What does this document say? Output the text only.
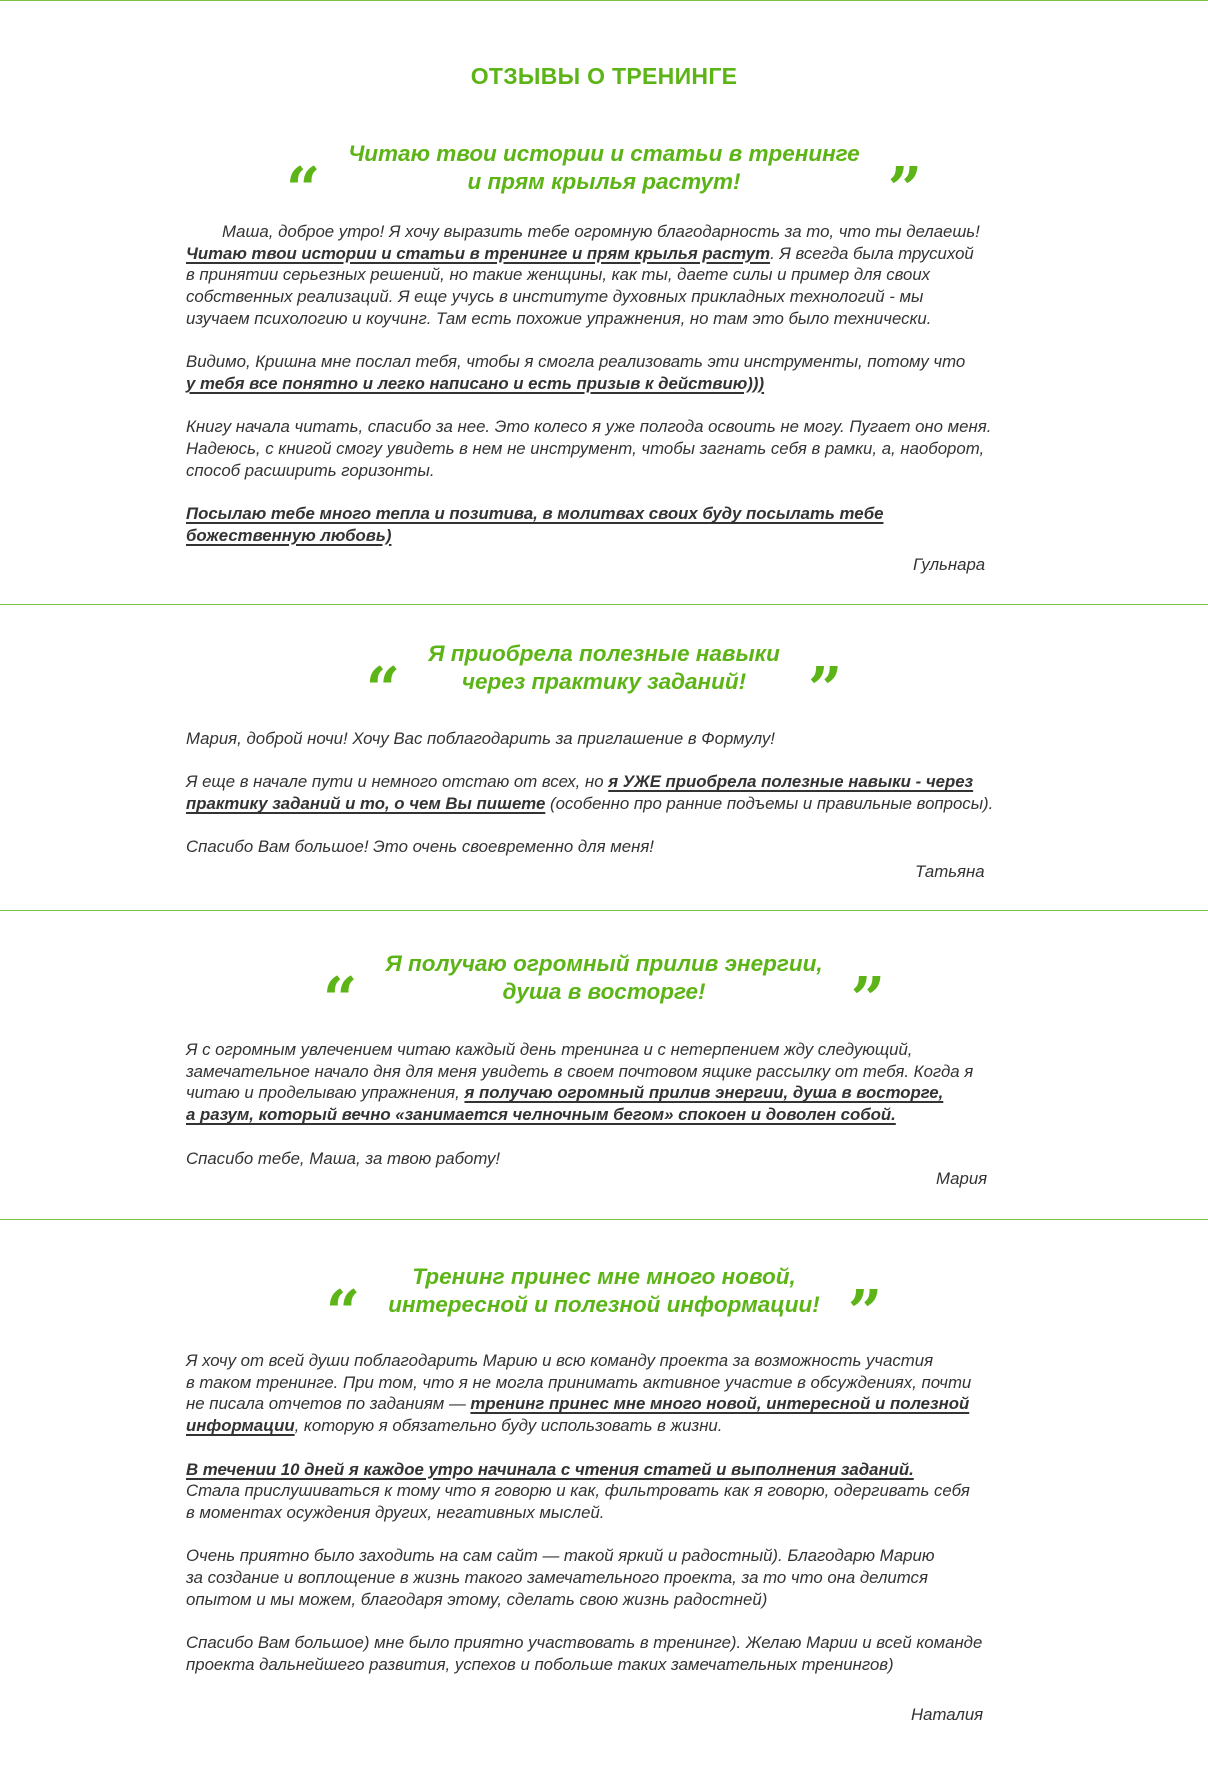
ОТЗЫВЫ О ТРЕНИНГЕ
“
Читаю твои истории и статьи в тренинге
и прям крылья растут!	”

Маша, доброе утро! Я хочу выразить тебе огромную благодарность за то, что ты делаешь!
Читаю твои истории и статьи в тренинге и прям крылья растут. Я всегда была трусихой
в принятии серьезных решений, но такие женщины, как ты, даете силы и пример для своих
собственных реализаций. Я еще учусь в институте духовных прикладных технологий - мы
изучаем психологию и коучинг. Там есть похожие упражнения, но там это было технически.

Видимо, Кришна мне послал тебя, чтобы я смогла реализовать эти инструменты, потому что
у тебя все понятно и легко написано и есть призыв к действию)))

Книгу начала читать, спасибо за нее. Это колесо я уже полгода освоить не могу. Пугает оно меня.
Надеюсь, с книгой смогу увидеть в нем не инструмент, чтобы загнать себя в рамки, а, наоборот,
способ расширить горизонты.

Посылаю тебе много тепла и позитива, в молитвах своих буду посылать тебе
божественную любовь)

Гульнара
“
Я приобрела полезные навыки
через практику заданий!	”

Мария, доброй ночи! Хочу Вас поблагодарить за приглашение в Формулу!

Я еще в начале пути и немного отстаю от всех, но я УЖЕ приобрела полезные навыки - через
практику заданий и то, о чем Вы пишете (особенно про ранние подъемы и правильные вопросы).

Спасибо Вам большое! Это очень своевременно для меня!

Татьяна
“
Я получаю огромный прилив энергии,
душа в восторге!	”

Я с огромным увлечением читаю каждый день тренинга и с нетерпением жду следующий,
замечательное начало дня для меня увидеть в своем почтовом ящике рассылку от тебя. Когда я
читаю и проделываю упражнения, я получаю огромный прилив энергии, душа в восторге,
а разум, который вечно «занимается челночным бегом» спокоен и доволен собой.

Спасибо тебе, Маша, за твою работу!

Мария
“
Тренинг принес мне много новой,
интересной и полезной информации! ”

Я хочу от всей души поблагодарить Марию и всю команду проекта за возможность участия
в таком тренинге. При том, что я не могла принимать активное участие в обсуждениях, почти
не писала отчетов по заданиям — тренинг принес мне много новой, интересной и полезной
информации, которую я обязательно буду использовать в жизни.

В течении 10 дней я каждое утро начинала с чтения статей и выполнения заданий.
Стала прислушиваться к тому что я говорю и как, фильтровать как я говорю, одергивать себя
в моментах осуждения других, негативных мыслей.

Очень приятно было заходить на сам сайт — такой яркий и радостный). Благодарю Марию
за создание и воплощение в жизнь такого замечательного проекта, за то что она делится
опытом и мы можем, благодаря этому, сделать свою жизнь радостней)

Спасибо Вам большое) мне было приятно участвовать в тренинге). Желаю Марии и всей команде
проекта дальнейшего развития, успехов и побольше таких замечательных тренингов)

Наталия
